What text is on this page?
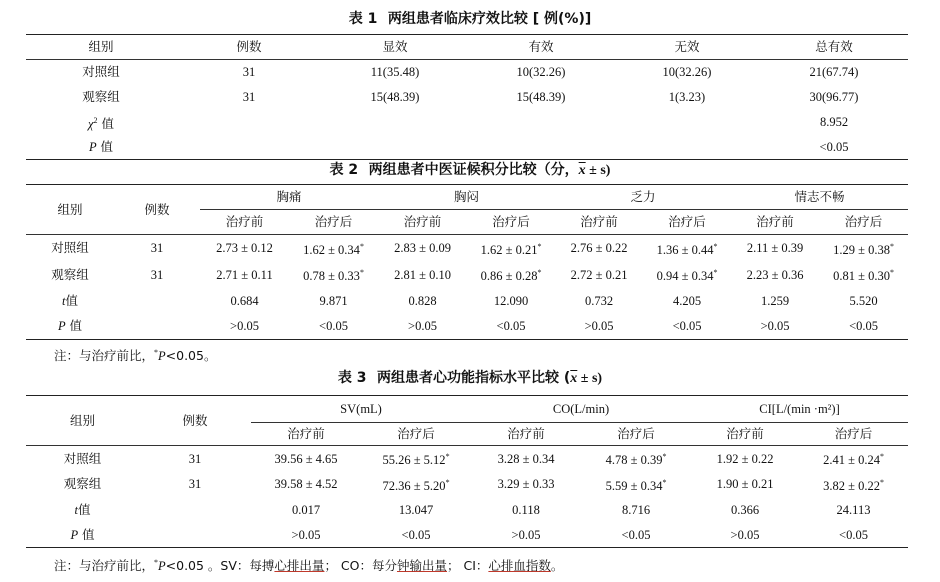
表 1 两组患者临床疗效比较 [ 例(%)]
组别	例数	显效	有效	无效	总有效
对照组	31	11(35.48)	10(32.26)	10(32.26)	21(67.74)
观察组	31	15(48.39)	15(48.39)	1(3.23)	30(96.77)
$\chi^2$ 值					8.952
P 值					<0.05
表 2 两组患者中医证候积分比较（分，$\overline{x} \pm s$)
组别	例数	胸痛		胸闷		乏力		情志不畅	
		治疗前	治疗后	治疗前	治疗后	治疗前	治疗后	治疗前	治疗后
对照组	31	2.73 ± 0.12	1.62 ± 0.34*	2.83 ± 0.09	1.62 ± 0.21*	2.76 ± 0.22	1.36 ± 0.44*	2.11 ± 0.39	1.29 ± 0.38*
观察组	31	2.71 ± 0.11	0.78 ± 0.33*	2.81 ± 0.10	0.86 ± 0.28*	2.72 ± 0.21	0.94 ± 0.34*	2.23 ± 0.36	0.81 ± 0.30*
t值		0.684	9.871	0.828	12.090	0.732	4.205	1.259	5.520
P 值		>0.05	<0.05	>0.05	<0.05	>0.05	<0.05	>0.05	<0.05
注：与治疗前比，*P<0.05。
表 3 两组患者心功能指标水平比较 $(\overline{x} \pm s)$
组别	例数	SV(mL)		CO(L/min)		CI[L/(min ·m²)]	
		治疗前	治疗后	治疗前	治疗后	治疗前	治疗后
对照组	31	39.56 ± 4.65	55.26 ± 5.12*	3.28 ± 0.34	4.78 ± 0.39*	1.92 ± 0.22	2.41 ± 0.24*
观察组	31	39.58 ± 4.52	72.36 ± 5.20*	3.29 ± 0.33	5.59 ± 0.34*	1.90 ± 0.21	3.82 ± 0.22*
t值		0.017	13.047	0.118	8.716	0.366	24.113
P 值		>0.05	<0.05	>0.05	<0.05	>0.05	<0.05
注：与治疗前比，*P<0.05 。SV：每搏心排出量； CO：每分钟输出量； CI：心排血指数。
